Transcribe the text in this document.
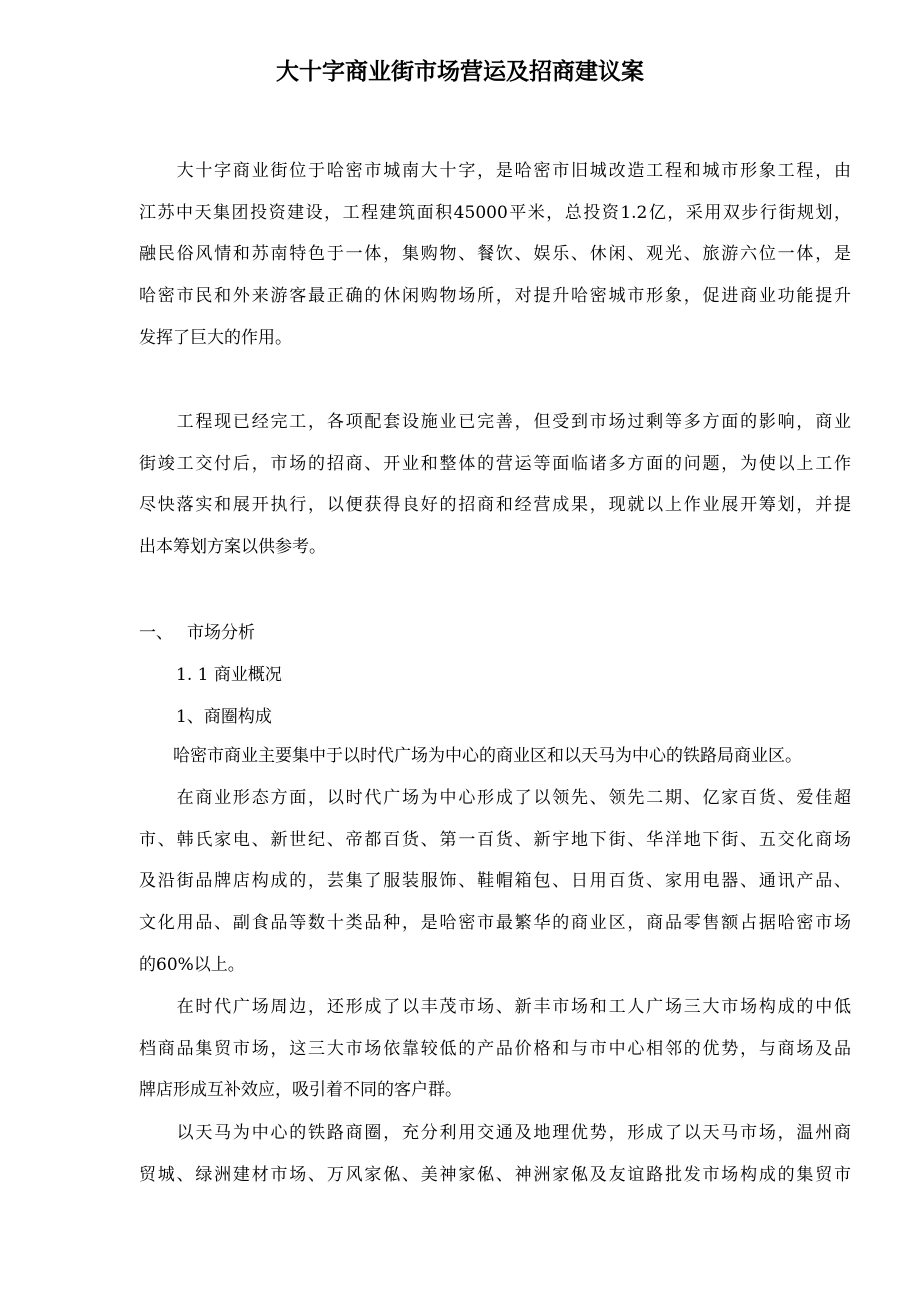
大十字商业街市场营运及招商建议案
　　大十字商业街位于哈密市城南大十字，是哈密市旧城改造工程和城市形象工程，由
江苏中天集团投资建设，工程建筑面积45000平米，总投资1.2亿，采用双步行街规划，
融民俗风情和苏南特色于一体，集购物、餐饮、娱乐、休闲、观光、旅游六位一体，是
哈密市民和外来游客最正确的休闲购物场所，对提升哈密城市形象，促进商业功能提升
发挥了巨大的作用。
　　工程现已经完工，各项配套设施业已完善，但受到市场过剩等多方面的影响，商业
街竣工交付后，市场的招商、开业和整体的营运等面临诸多方面的问题，为使以上工作
尽快落实和展开执行，以便获得良好的招商和经营成果，现就以上作业展开筹划，并提
出本筹划方案以供参考。
一、 市场分析
1. 1 商业概况
1、商圈构成
　　哈密市商业主要集中于以时代广场为中心的商业区和以天马为中心的铁路局商业区。
　　在商业形态方面，以时代广场为中心形成了以领先、领先二期、亿家百货、爱佳超
市、韩氏家电、新世纪、帝都百货、第一百货、新宇地下街、华洋地下街、五交化商场
及沿街品牌店构成的，芸集了服装服饰、鞋帽箱包、日用百货、家用电器、通讯产品、
文化用品、副食品等数十类品种，是哈密市最繁华的商业区，商品零售额占据哈密市场
的60%以上。
　　在时代广场周边，还形成了以丰茂市场、新丰市场和工人广场三大市场构成的中低
档商品集贸市场，这三大市场依靠较低的产品价格和与市中心相邻的优势，与商场及品
牌店形成互补效应，吸引着不同的客户群。
　　以天马为中心的铁路商圈，充分利用交通及地理优势，形成了以天马市场，温州商
贸城、绿洲建材市场、万风家俬、美神家俬、神洲家俬及友谊路批发市场构成的集贸市
